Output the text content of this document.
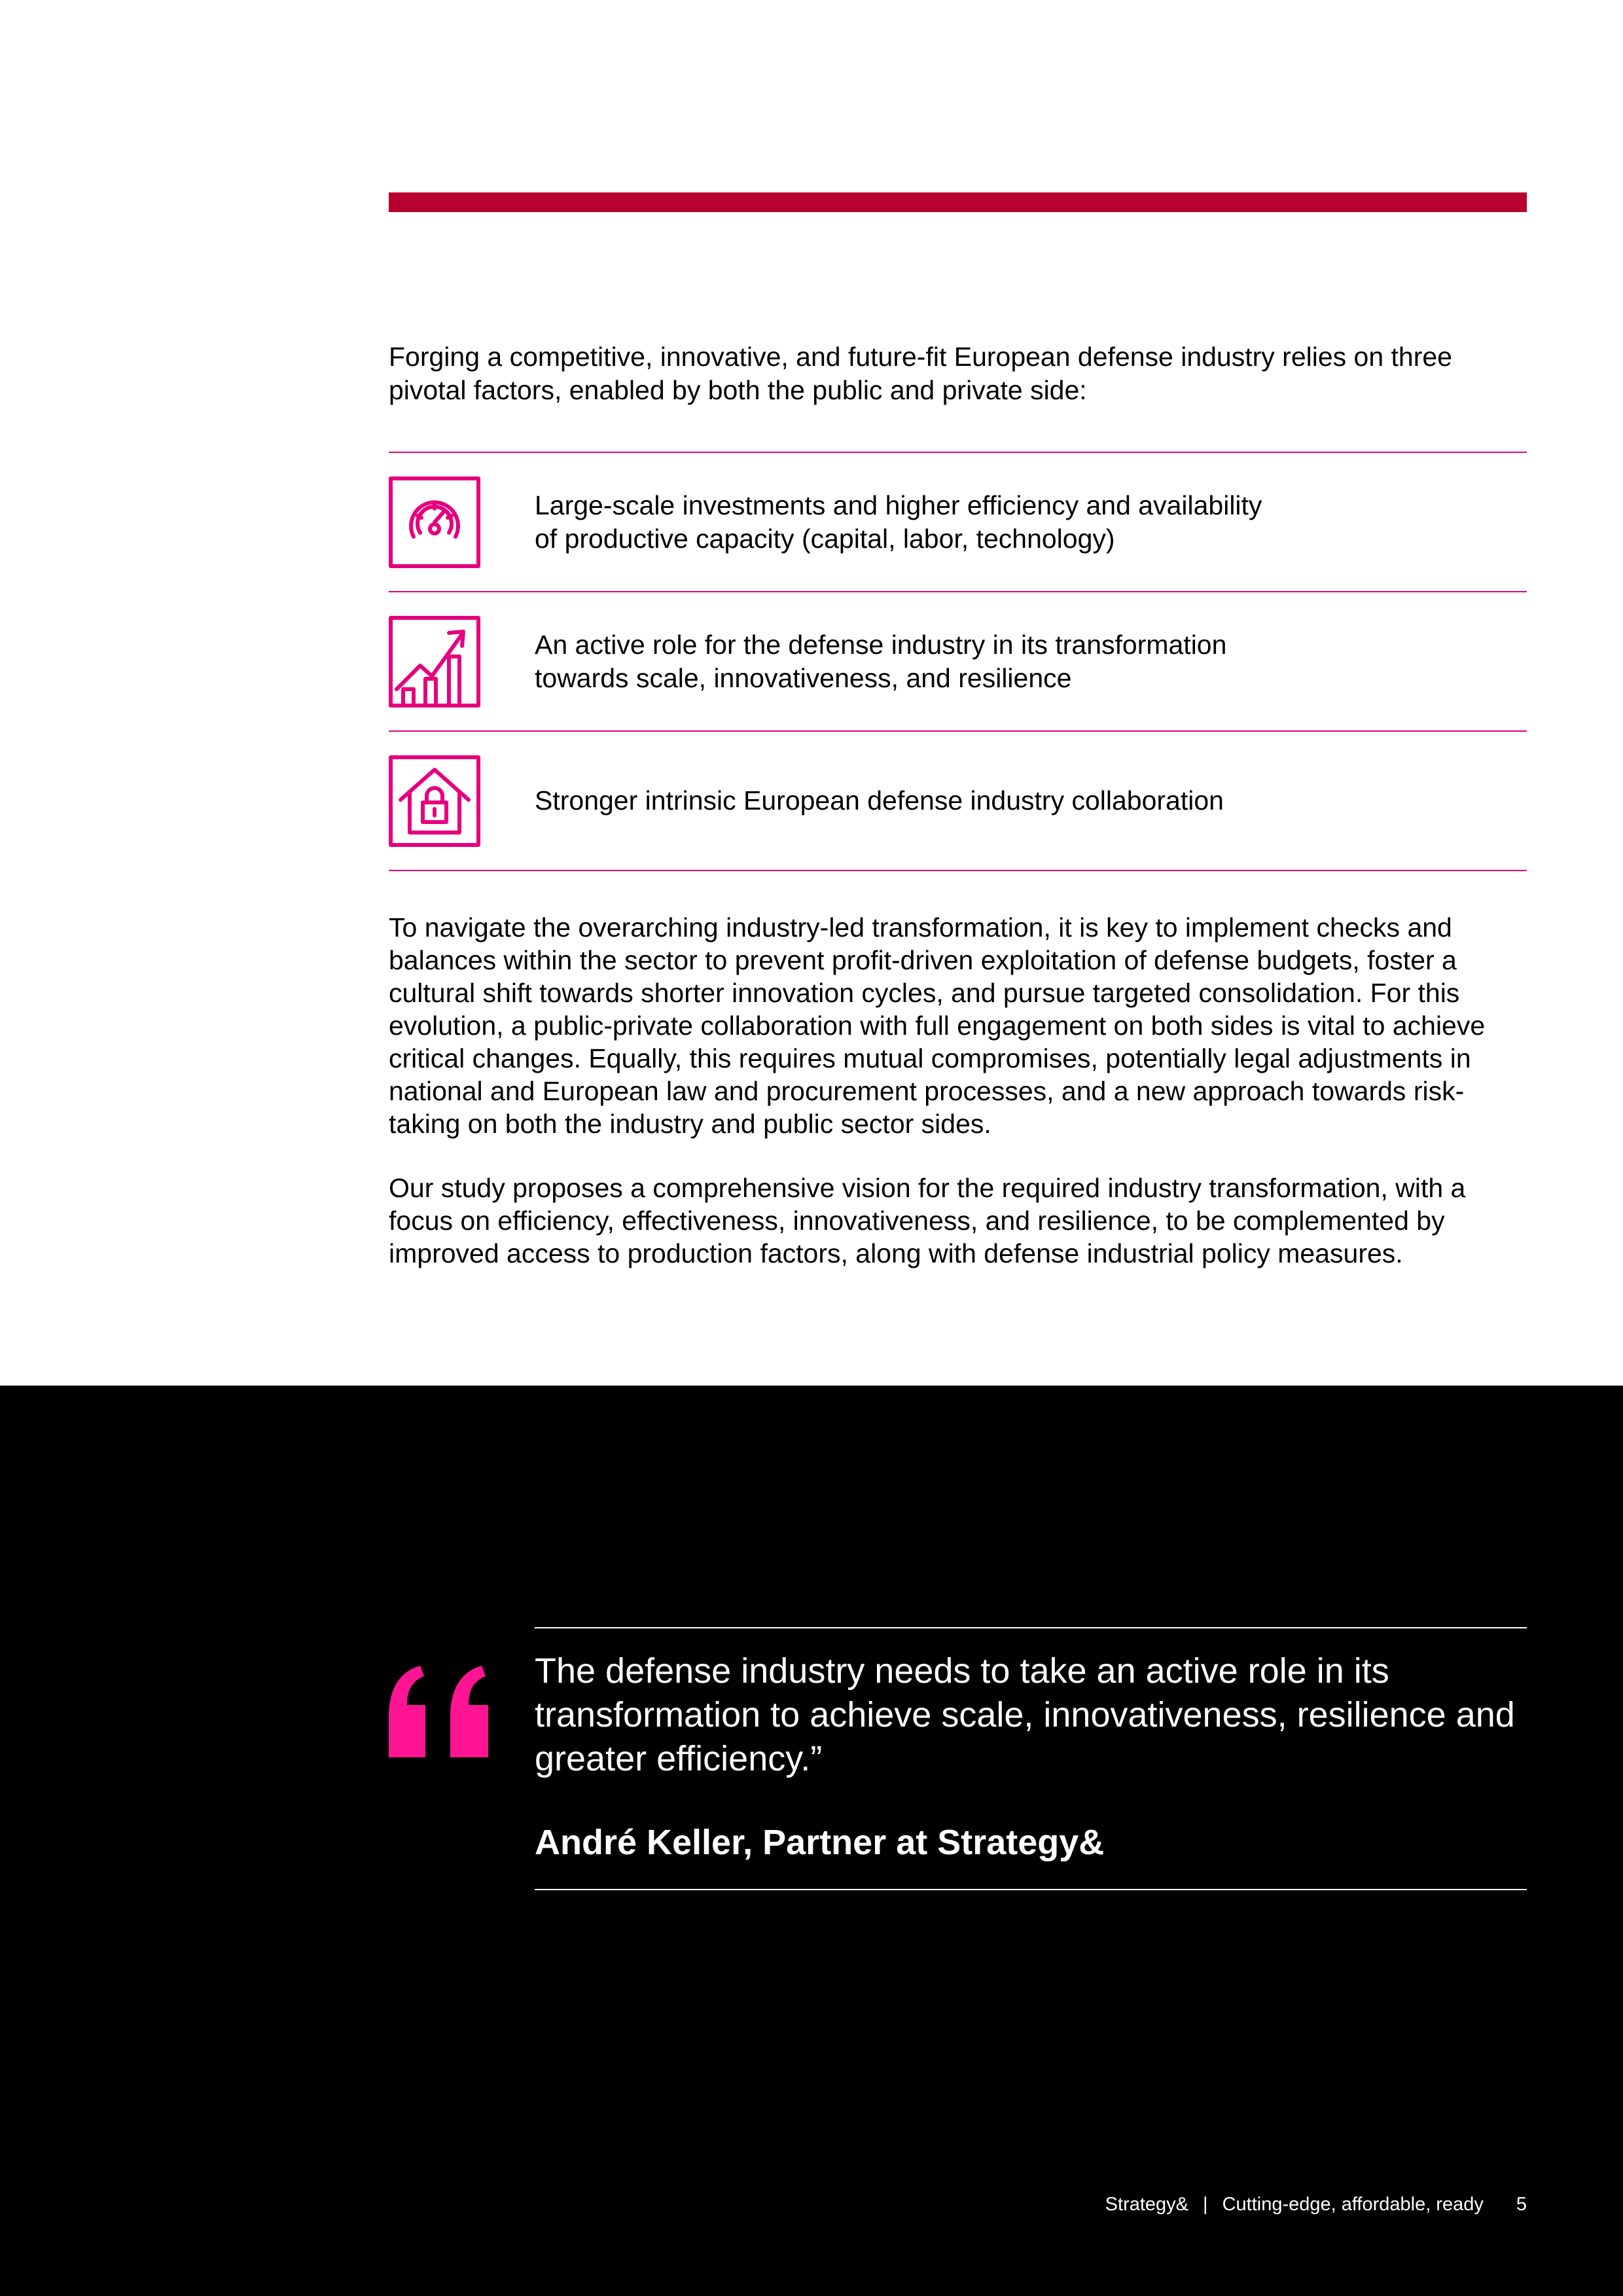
Forging a competitive, innovative, and future-fit European defense industry relies on three pivotal factors, enabled by both the public and private side:

Large-scale investments and higher efficiency and availability
of productive capacity (capital, labor, technology)
An active role for the defense industry in its transformation
towards scale, innovativeness, and resilience
Stronger intrinsic European defense industry collaboration

To navigate the overarching industry-led transformation, it is key to implement checks and balances within the sector to prevent profit-driven exploitation of defense budgets, foster a cultural shift towards shorter innovation cycles, and pursue targeted consolidation. For this evolution, a public-private collaboration with full engagement on both sides is vital to achieve critical changes. Equally, this requires mutual compromises, potentially legal adjustments in national and European law and procurement processes, and a new approach towards risk-taking on both the industry and public sector sides.

Our study proposes a comprehensive vision for the required industry transformation, with a focus on efficiency, effectiveness, innovativeness, and resilience, to be complemented by improved access to production factors, along with defense industrial policy measures.

The defense industry needs to take an active role in its transformation to achieve scale, innovativeness, resilience and greater efficiency.”

André Keller, Partner at Strategy&

Strategy& | Cutting-edge, affordable, ready 5
